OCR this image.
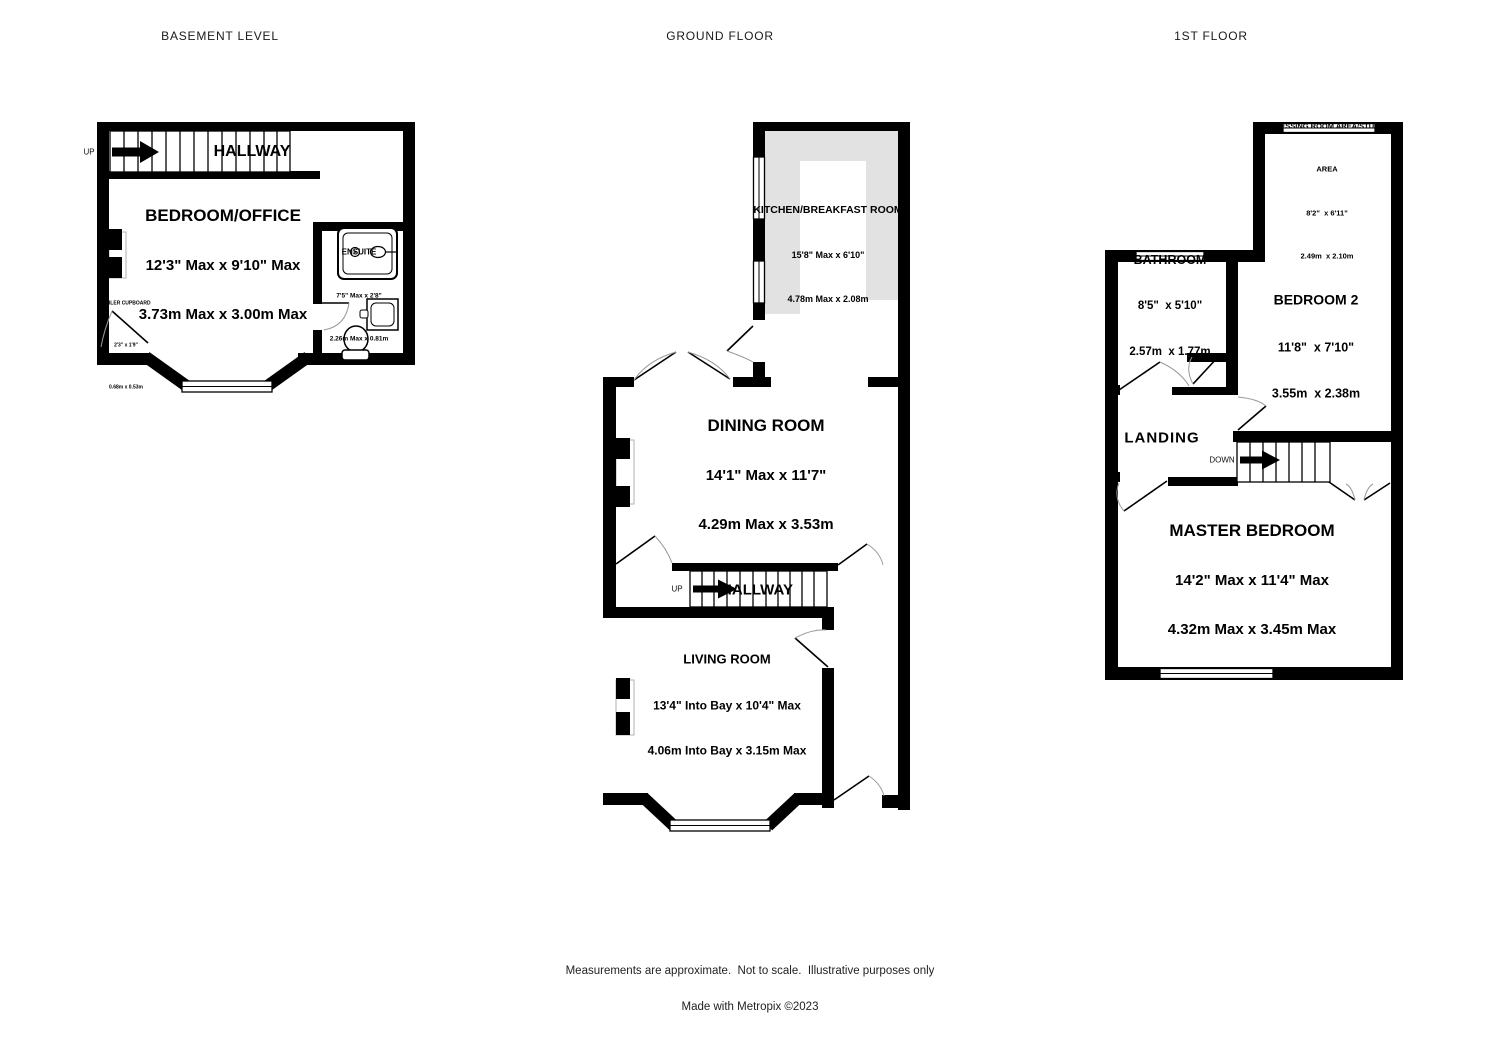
BASEMENT LEVEL	GROUND FLOOR	1ST FLOOR
UP	HALLWAY

BEDROOM/OFFICE

12'3" Max x 9'10" Max

3.73m Max x 3.00m Max

ENSUITE

7'5" Max x 2'8"

2.26m Max x 0.81m

BOILER CUPBOARD

2'3" x 1'9"

0.68m x 0.53m

KITCHEN/BREAKFAST ROOM

15'8" Max x 6'10"

4.78m Max x 2.08m

DINING ROOM

14'1" Max x 11'7"

4.29m Max x 3.53m

UP	HALLWAY

LIVING ROOM

13'4" Into Bay x 10'4" Max

4.06m Into Bay x 3.15m Max

DRESSING ROOM AREA/STUDY

AREA

8'2"  x 6'11"

2.49m  x 2.10m

BATHROOM

8'5"  x 5'10"

2.57m  x 1.77m

BEDROOM 2

11'8"  x 7'10"

3.55m  x 2.38m

LANDING
DOWN

MASTER BEDROOM

14'2" Max x 11'4" Max

4.32m Max x 3.45m Max

Measurements are approximate.  Not to scale.  Illustrative purposes only

Made with Metropix ©2023
